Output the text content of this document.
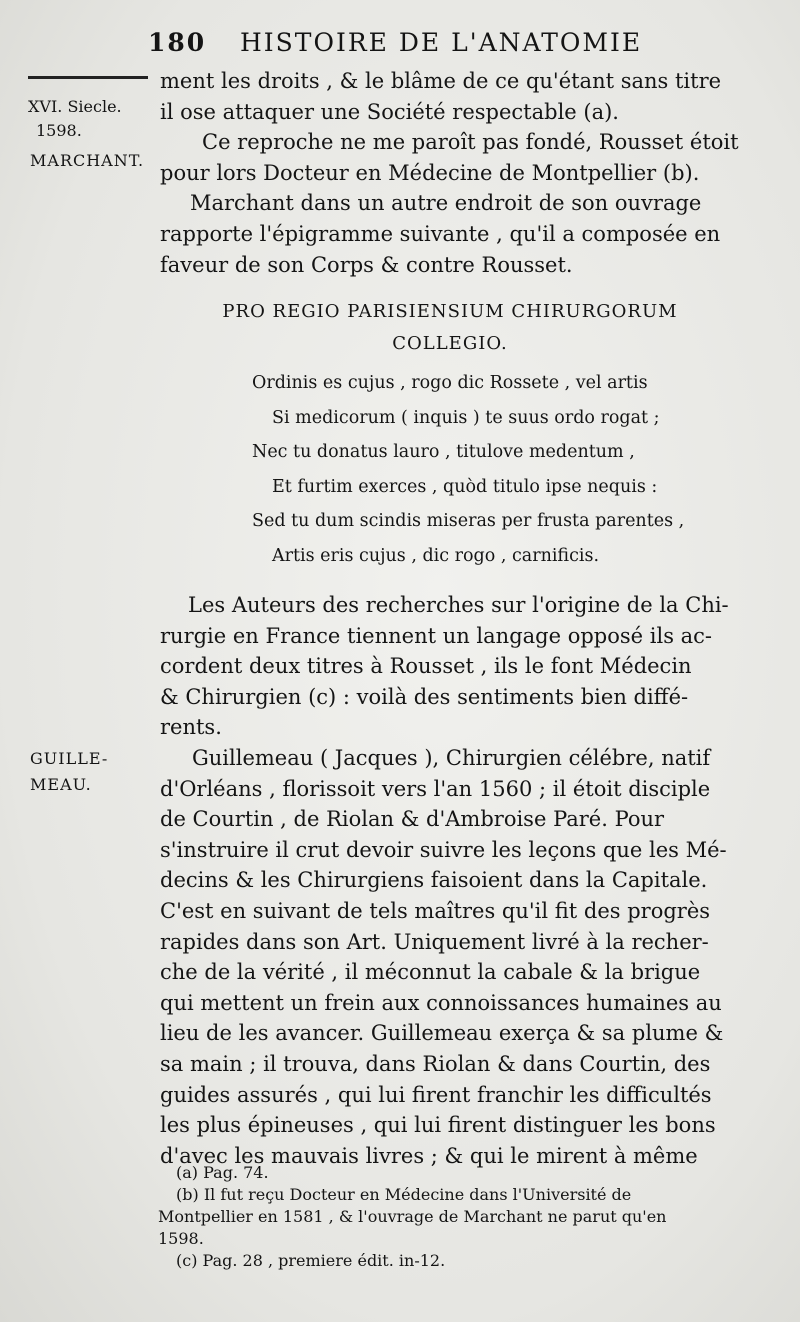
180 HISTOIRE DE L'ANATOMIE
XVI. Siecle.
1598.
MARCHANT.
GUILLE-
MEAU.
ment les droits , & le blâme de ce qu'étant sans titre
il ose attaquer une Société respectable (a).
Ce reproche ne me paroît pas fondé, Rousset étoit
pour lors Docteur en Médecine de Montpellier (b).
Marchant dans un autre endroit de son ouvrage
rapporte l'épigramme suivante , qu'il a composée en
faveur de son Corps & contre Rousset.
PRO REGIO PARISIENSIUM CHIRURGORUM
COLLEGIO.
Ordinis es cujus , rogo dic Rossete , vel artis
Si medicorum ( inquis ) te suus ordo rogat ;
Nec tu donatus lauro , titulove medentum ,
Et furtim exerces , quòd titulo ipse nequis :
Sed tu dum scindis miseras per frusta parentes ,
Artis eris cujus , dic rogo , carnificis.
Les Auteurs des recherches sur l'origine de la Chi-
rurgie en France tiennent un langage opposé ils ac-
cordent deux titres à Rousset , ils le font Médecin
& Chirurgien (c) : voilà des sentiments bien diffé-
rents.
Guillemeau ( Jacques ), Chirurgien célébre, natif
d'Orléans , florissoit vers l'an 1560 ; il étoit disciple
de Courtin , de Riolan & d'Ambroise Paré. Pour
s'instruire il crut devoir suivre les leçons que les Mé-
decins & les Chirurgiens faisoient dans la Capitale.
C'est en suivant de tels maîtres qu'il fit des progrès
rapides dans son Art. Uniquement livré à la recher-
che de la vérité , il méconnut la cabale & la brigue
qui mettent un frein aux connoissances humaines au
lieu de les avancer. Guillemeau exerça & sa plume &
sa main ; il trouva, dans Riolan & dans Courtin, des
guides assurés , qui lui firent franchir les difficultés
les plus épineuses , qui lui firent distinguer les bons
d'avec les mauvais livres ; & qui le mirent à même
(a) Pag. 74.
(b) Il fut reçu Docteur en Médecine dans l'Université de
Montpellier en 1581 , & l'ouvrage de Marchant ne parut qu'en
1598.
(c) Pag. 28 , premiere édit. in-12.
